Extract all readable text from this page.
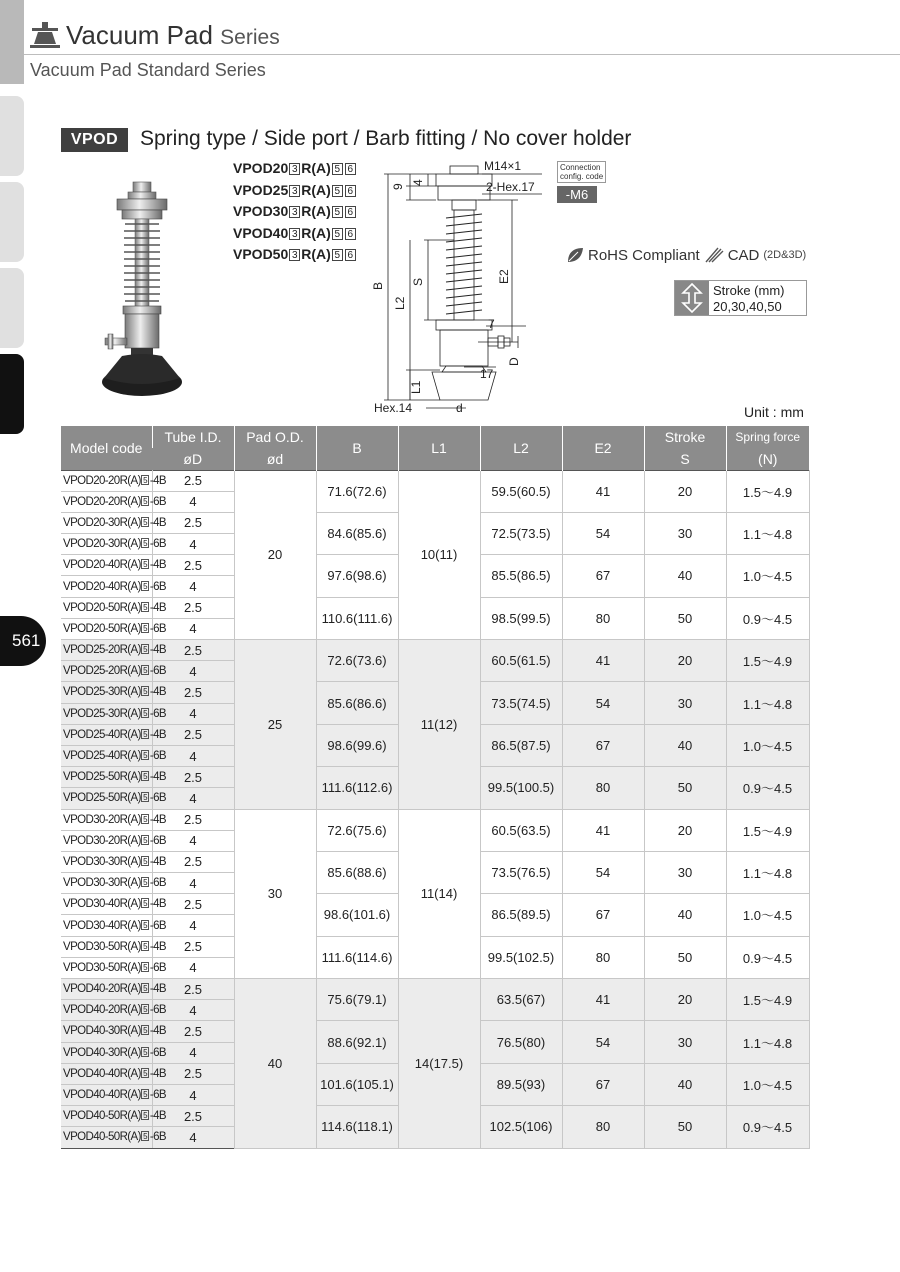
Vacuum Pad Series
Vacuum Pad Standard Series
561
VPOD	Spring type / Side port / Barb fitting / No cover holder
VPOD20 3 R(A) 5 6
VPOD25 3 R(A) 5 6
VPOD30 3 R(A) 5 6
VPOD40 3 R(A) 5 6
VPOD50 3 R(A) 5 6
M14×1
2-Hex.17
9
4
B
L2
S	E2
7
D
17
L1
Hex.14	d
Connection
config. code
-M6
RoHS Compliant CAD (2D&3D)
Stroke (mm)
20,30,40,50
Unit : mm
Model code	Tube I.D.	Pad O.D.	B	L1	L2	E2	Stroke	Spring force
	øD	ød					S	(N)
VPOD20-20R(A) 5 -4B	2.5	20	71.6(72.6)	10(11)	59.5(60.5)	41	20	1.5～4.9
VPOD20-20R(A) 5 -6B	4							
VPOD20-30R(A) 5 -4B	2.5		84.6(85.6)		72.5(73.5)	54	30	1.1～4.8
VPOD20-30R(A) 5 -6B	4							
VPOD20-40R(A) 5 -4B	2.5		97.6(98.6)		85.5(86.5)	67	40	1.0～4.5
VPOD20-40R(A) 5 -6B	4							
VPOD20-50R(A) 5 -4B	2.5		110.6(111.6)		98.5(99.5)	80	50	0.9～4.5
VPOD20-50R(A) 5 -6B	4							
VPOD25-20R(A) 5 -4B	2.5	25	72.6(73.6)	11(12)	60.5(61.5)	41	20	1.5～4.9
VPOD25-20R(A) 5 -6B	4							
VPOD25-30R(A) 5 -4B	2.5		85.6(86.6)		73.5(74.5)	54	30	1.1～4.8
VPOD25-30R(A) 5 -6B	4							
VPOD25-40R(A) 5 -4B	2.5		98.6(99.6)		86.5(87.5)	67	40	1.0～4.5
VPOD25-40R(A) 5 -6B	4							
VPOD25-50R(A) 5 -4B	2.5		111.6(112.6)		99.5(100.5)	80	50	0.9～4.5
VPOD25-50R(A) 5 -6B	4							
VPOD30-20R(A) 5 -4B	2.5	30	72.6(75.6)	11(14)	60.5(63.5)	41	20	1.5～4.9
VPOD30-20R(A) 5 -6B	4							
VPOD30-30R(A) 5 -4B	2.5		85.6(88.6)		73.5(76.5)	54	30	1.1～4.8
VPOD30-30R(A) 5 -6B	4							
VPOD30-40R(A) 5 -4B	2.5		98.6(101.6)		86.5(89.5)	67	40	1.0～4.5
VPOD30-40R(A) 5 -6B	4							
VPOD30-50R(A) 5 -4B	2.5		111.6(114.6)		99.5(102.5)	80	50	0.9～4.5
VPOD30-50R(A) 5 -6B	4							
VPOD40-20R(A) 5 -4B	2.5	40	75.6(79.1)	14(17.5)	63.5(67)	41	20	1.5～4.9
VPOD40-20R(A) 5 -6B	4							
VPOD40-30R(A) 5 -4B	2.5		88.6(92.1)		76.5(80)	54	30	1.1～4.8
VPOD40-30R(A) 5 -6B	4							
VPOD40-40R(A) 5 -4B	2.5		101.6(105.1)		89.5(93)	67	40	1.0～4.5
VPOD40-40R(A) 5 -6B	4							
VPOD40-50R(A) 5 -4B	2.5		114.6(118.1)		102.5(106)	80	50	0.9～4.5
VPOD40-50R(A) 5 -6B	4							
